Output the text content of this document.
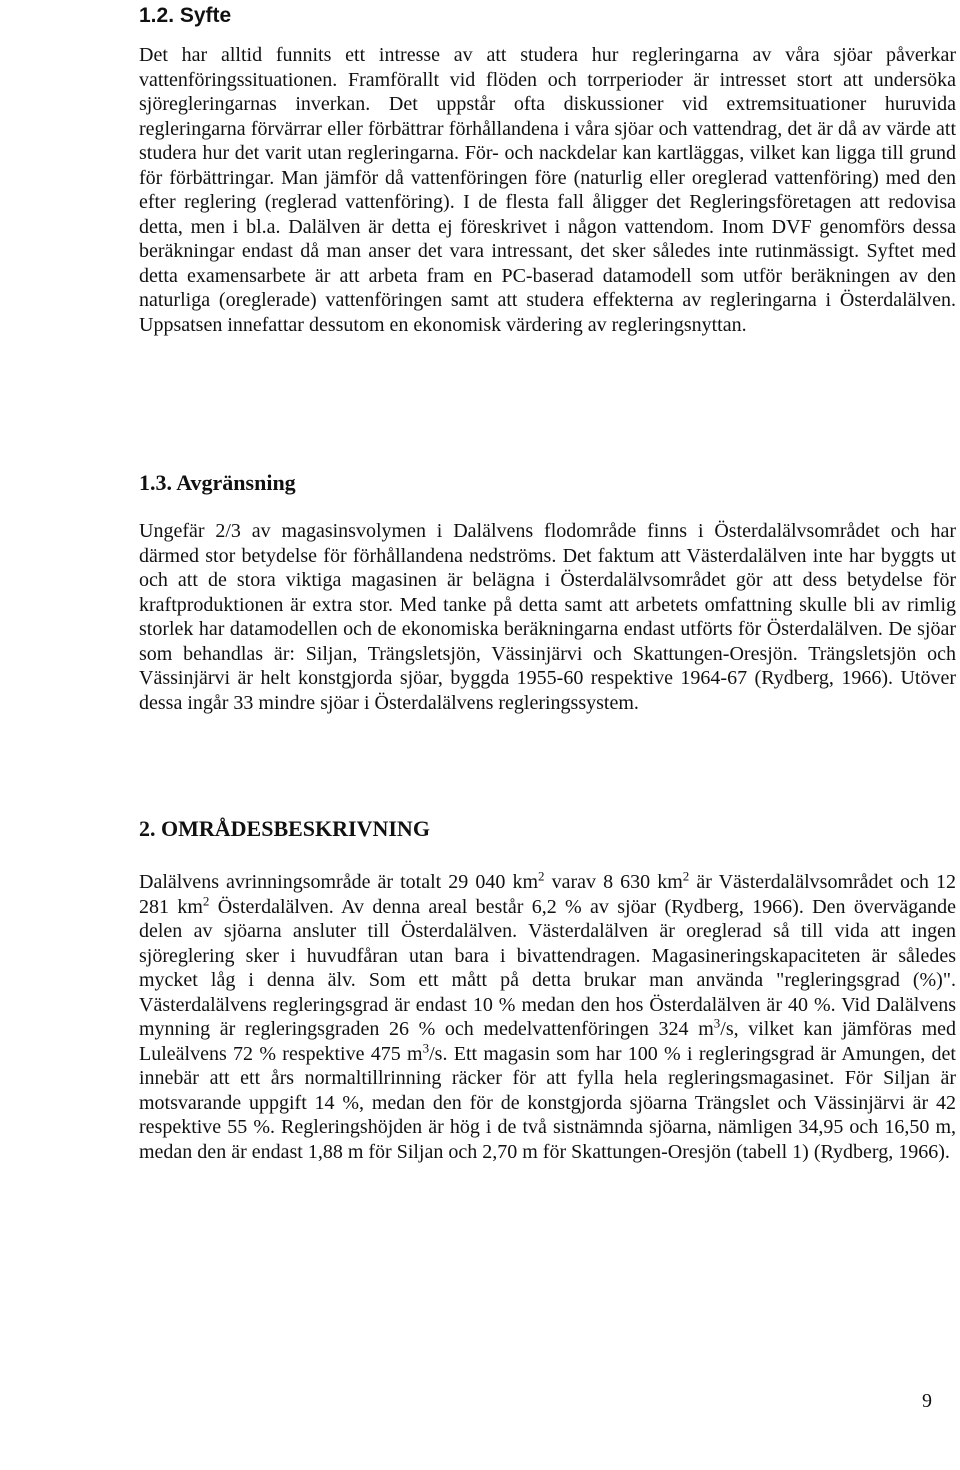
1.2. Syfte

Det har alltid funnits ett intresse av att studera hur regleringarna av våra sjöar påverkar vattenföringssituationen. Framförallt vid flöden och torrperioder är intresset stort att undersöka sjöregleringarnas inverkan. Det uppstår ofta diskussioner vid extremsituationer huruvida regleringarna förvärrar eller förbättrar förhållandena i våra sjöar och vattendrag, det är då av värde att studera hur det varit utan regleringarna. För- och nackdelar kan kartläggas, vilket kan ligga till grund för förbättringar. Man jämför då vattenföringen före (naturlig eller oreglerad vattenföring) med den efter reglering (reglerad vattenföring). I de flesta fall åligger det Regleringsföretagen att redovisa detta, men i bl.a. Dalälven är detta ej föreskrivet i någon vattendom. Inom DVF genomförs dessa beräkningar endast då man anser det vara intressant, det sker således inte rutinmässigt. Syftet med detta examensarbete är att arbeta fram en PC-baserad datamodell som utför beräkningen av den naturliga (oreglerade) vattenföringen samt att studera effekterna av regleringarna i Österdalälven. Uppsatsen innefattar dessutom en ekonomisk värdering av regleringsnyttan.

1.3. Avgränsning

Ungefär 2/3 av magasinsvolymen i Dalälvens flodområde finns i Österdalälvsområdet och har därmed stor betydelse för förhållandena nedströms. Det faktum att Västerdalälven inte har byggts ut och att de stora viktiga magasinen är belägna i Österdalälvsområdet gör att dess betydelse för kraftproduktionen är extra stor. Med tanke på detta samt att arbetets omfattning skulle bli av rimlig storlek har datamodellen och de ekonomiska beräkningarna endast utförts för Österdalälven. De sjöar som behandlas är: Siljan, Trängsletsjön, Vässinjärvi och Skattungen-Oresjön. Trängsletsjön och Vässinjärvi är helt konstgjorda sjöar, byggda 1955-60 respektive 1964-67 (Rydberg, 1966). Utöver dessa ingår 33 mindre sjöar i Österdalälvens regleringssystem.

2. OMRÅDESBESKRIVNING

Dalälvens avrinningsområde är totalt 29 040 $km^2$ varav 8 630 $km^2$ är Västerdalälvsområdet och 12 281 $km^2$ Österdalälven. Av denna areal består 6,2 % av sjöar (Rydberg, 1966). Den övervägande delen av sjöarna ansluter till Österdalälven. Västerdalälven är oreglerad så till vida att ingen sjöreglering sker i huvudfåran utan bara i bivattendragen. Magasineringskapaciteten är således mycket låg i denna älv. Som ett mått på detta brukar man använda "regleringsgrad (%)". Västerdalälvens regleringsgrad är endast 10 % medan den hos Österdalälven är 40 %. Vid Dalälvens mynning är regleringsgraden 26 % och medelvattenföringen 324 $m^3/s$, vilket kan jämföras med Luleälvens 72 % respektive 475 $m^3/s$. Ett magasin som har 100 % i regleringsgrad är Amungen, det innebär att ett års normaltillrinning räcker för att fylla hela regleringsmagasinet. För Siljan är motsvarande uppgift 14 %, medan den för de konstgjorda sjöarna Trängslet och Vässinjärvi är 42 respektive 55 %. Regleringshöjden är hög i de två sistnämnda sjöarna, nämligen 34,95 och 16,50 m, medan den är endast 1,88 m för Siljan och 2,70 m för Skattungen-Oresjön (tabell 1) (Rydberg, 1966).

9
